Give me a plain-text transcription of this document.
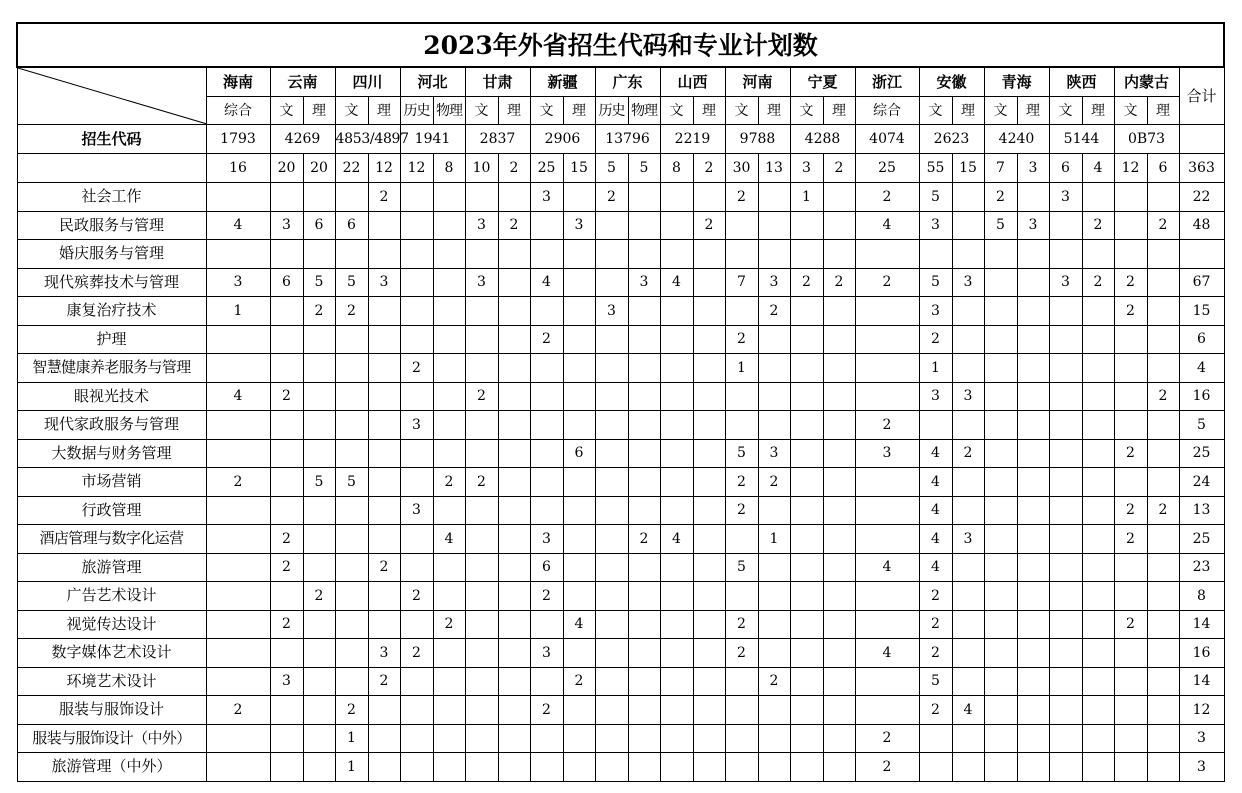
2023年外省招生代码和专业计划数																													

	海南	云南		四川		河北		甘肃		新疆		广东		山西		河南		宁夏		浙江	安徽		青海		陕西		内蒙古		合计
	综合	文	理	文	理	历史	物理	文	理	文	理	历史	物理	文	理	文	理	文	理	综合	文	理	文	理	文	理	文	理	
招生代码	1793	4269		4853/4897		1941		2837		2906		13796		2219		9788		4288		4074	2623		4240		5144		0B73		
	16	20	20	22	12	12	8	10	2	25	15	5	5	8	2	30	13	3	2	25	55	15	7	3	6	4	12	6	363
社会工作					2					3		2				2		1		2	5		2		3				22
民政服务与管理	4	3	6	6				3	2		3				2					4	3		5	3		2		2	48
婚庆服务与管理																													
现代殡葬技术与管理	3	6	5	5	3			3		4			3	4		7	3	2	2	2	5	3			3	2	2		67
康复治疗技术	1		2	2								3					2				3						2		15
护理										2						2					2								6
智慧健康养老服务与管理						2										1					1								4
眼视光技术	4	2						2													3	3						2	16
现代家政服务与管理						3														2									5
大数据与财务管理											6					5	3			3	4	2					2		25
市场营销	2		5	5			2	2								2	2				4								24
行政管理						3										2					4						2	2	13
酒店管理与数字化运营		2					4			3			2	4			1				4	3					2		25
旅游管理		2			2					6						5				4	4								23
广告艺术设计			2			2				2											2								8
视觉传达设计		2					2				4					2					2						2		14
数字媒体艺术设计					3	2				3						2				4	2								16
环境艺术设计		3			2						2						2				5								14
服装与服饰设计	2			2						2											2	4							12
服装与服饰设计（中外）				1																2									3
旅游管理（中外）				1																2									3
